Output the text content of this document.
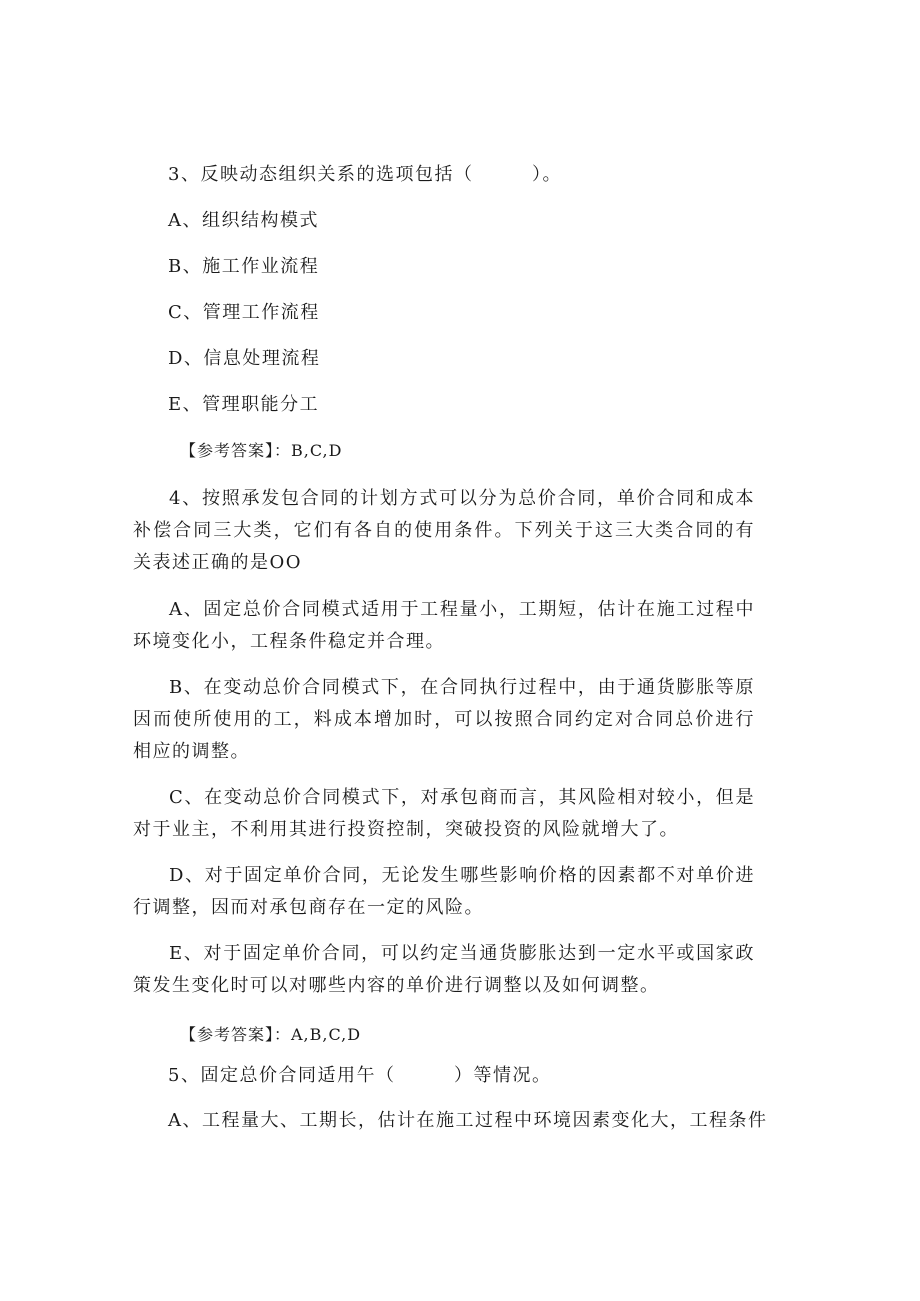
3、反映动态组织关系的选项包括（　　　）。

A、组织结构模式

B、施工作业流程

C、管理工作流程

D、信息处理流程

E、管理职能分工

【参考答案】：B,C,D

4、按照承发包合同的计划方式可以分为总价合同，单价合同和成本补偿合同三大类，它们有各自的使用条件。下列关于这三大类合同的有关表述正确的是OO

A、固定总价合同模式适用于工程量小，工期短，估计在施工过程中环境变化小，工程条件稳定并合理。

B、在变动总价合同模式下，在合同执行过程中，由于通货膨胀等原因而使所使用的工，料成本增加时，可以按照合同约定对合同总价进行相应的调整。

C、在变动总价合同模式下，对承包商而言，其风险相对较小，但是对于业主，不利用其进行投资控制，突破投资的风险就增大了。

D、对于固定单价合同，无论发生哪些影响价格的因素都不对单价进行调整，因而对承包商存在一定的风险。

E、对于固定单价合同，可以约定当通货膨胀达到一定水平或国家政策发生变化时可以对哪些内容的单价进行调整以及如何调整。

【参考答案】：A,B,C,D

5、固定总价合同适用午（　　　）等情况。

A、工程量大、工期长，估计在施工过程中环境因素变化大，工程条件
